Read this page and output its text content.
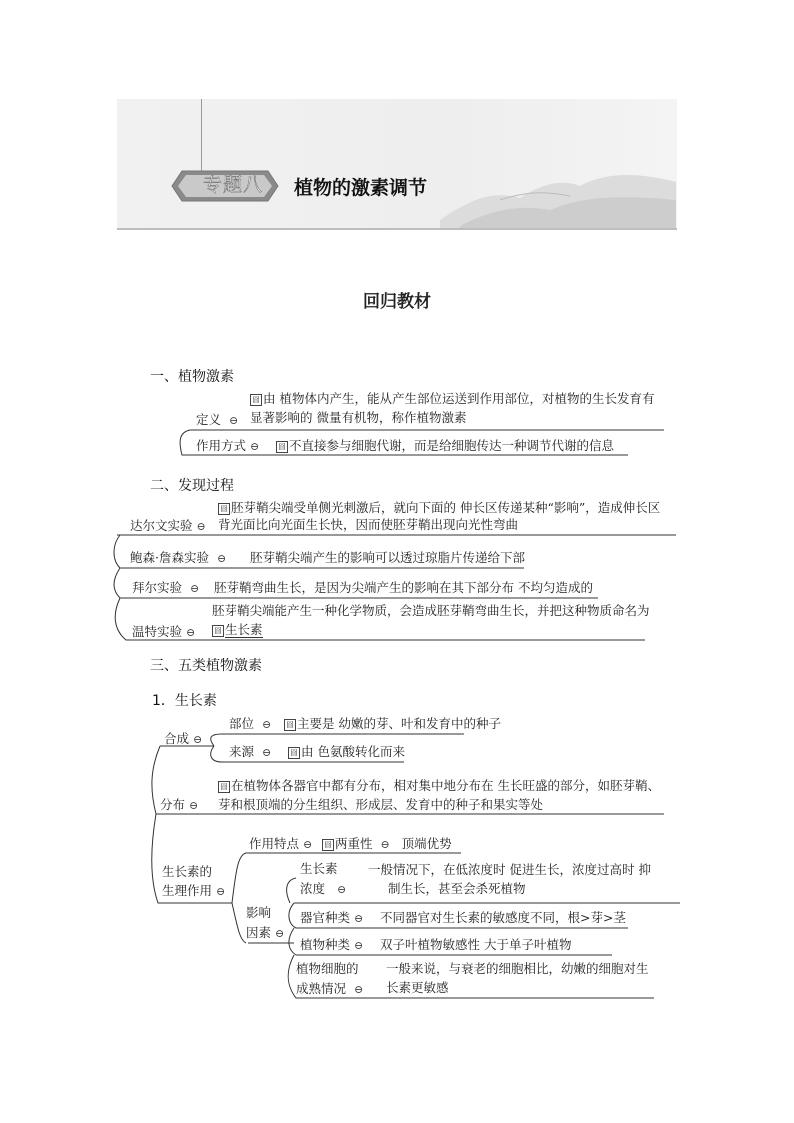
专题八 植物的激素调节
回归教材
一、植物激素
囧 由 植物体内产生，能从产生部位运送到作用部位，对植物的生长发育有
定义 ⊖ 显著影响的 微量有机物，称作植物激素
作用方式 ⊖	囧 不直接参与细胞代谢，而是给细胞传达一种调节代谢的信息
二、发现过程
囧 胚芽鞘尖端受单侧光刺激后，就向下面的 伸长区传递某种“影响”，造成伸长区
达尔文实验 ⊖ 背光面比向光面生长快，因而使胚芽鞘出现向光性弯曲
鲍森·詹森实验 ⊖ 胚芽鞘尖端产生的影响可以透过琼脂片传递给下部
拜尔实验 ⊖ 胚芽鞘弯曲生长，是因为尖端产生的影响在其下部分布 不均匀造成的
胚芽鞘尖端能产生一种化学物质，会造成胚芽鞘弯曲生长，并把这种物质命名为
温特实验 ⊖	囧 生长素
三、五类植物激素
1．生长素
合成 ⊖
部位 ⊖	囧 主要是 幼嫩的芽、叶和发育中的种子
来源 ⊖	囧 由 色氨酸转化而来
囧 在植物体各器官中都有分布，相对集中地分布在 生长旺盛的部分，如胚芽鞘、
分布 ⊖ 芽和根顶端的分生组织、形成层、发育中的种子和果实等处
作用特点 ⊖	囧 两重性 ⊖ 顶端优势
生长素的
生理作用 ⊖
生长素
浓度 ⊖
一般情况下，在低浓度时 促进生长，浓度过高时 抑
制生长，甚至会杀死植物
影响
因素 ⊖
器官种类 ⊖ 不同器官对生长素的敏感度不同，根>芽>茎
植物种类 ⊖ 双子叶植物敏感性 大于单子叶植物
植物细胞的
成熟情况 ⊖
一般来说，与衰老的细胞相比，幼嫩的细胞对生
长素更敏感
